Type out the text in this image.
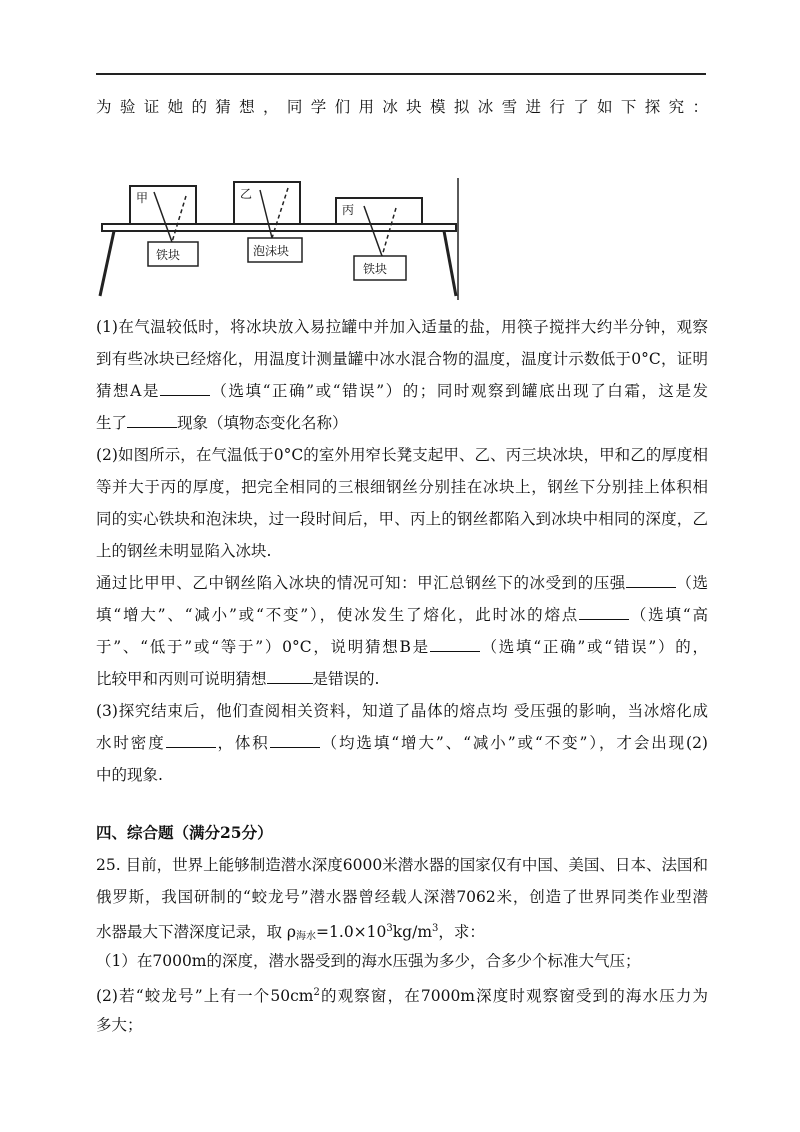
为验证她的猜想，同学们用冰块模拟冰雪进行了如下探究：
甲
铁块
乙
泡沫块
丙
铁块
(1)在气温较低时，将冰块放入易拉罐中并加入适量的盐，用筷子搅拌大约半分钟，观察
到有些冰块已经熔化，用温度计测量罐中冰水混合物的温度，温度计示数低于0°C，证明
猜想A是	（选填“正确”或“错误”）的；同时观察到罐底出现了白霜，这是发
生了	现象（填物态变化名称）
(2)如图所示，在气温低于0°C的室外用窄长凳支起甲、乙、丙三块冰块，甲和乙的厚度相
等并大于丙的厚度，把完全相同的三根细钢丝分别挂在冰块上，钢丝下分别挂上体积相
同的实心铁块和泡沫块，过一段时间后，甲、丙上的钢丝都陷入到冰块中相同的深度，乙
上的钢丝未明显陷入冰块.
通过比甲甲、乙中钢丝陷入冰块的情况可知：甲汇总钢丝下的冰受到的压强	（选
填“增大”、“减小”或“不变”），使冰发生了熔化，此时冰的熔点	（选填“高
于”、“低于”或“等于”）0°C，说明猜想B是	（选填“正确”或“错误”）的，
比较甲和丙则可说明猜想	是错误的.
(3)探究结束后，他们查阅相关资料，知道了晶体的熔点均 受压强的影响，当冰熔化成
水时密度	，体积	（均选填“增大”、“减小”或“不变”），才会出现(2)
中的现象.
四、综合题（满分25分）
25. 目前，世界上能够制造潜水深度6000米潜水器的国家仅有中国、美国、日本、法国和
俄罗斯，我国研制的“蛟龙号”潜水器曾经载人深潜7062米，创造了世界同类作业型潜
水器最大下潜深度记录，取 $\rho_{海水}=1.0\times 10^3kg/m^3$，求：
（1）在7000m的深度，潜水器受到的海水压强为多少，合多少个标准大气压；
(2)若“蛟龙号”上有一个$50cm^2$的观察窗，在7000m深度时观察窗受到的海水压力为
多大；
